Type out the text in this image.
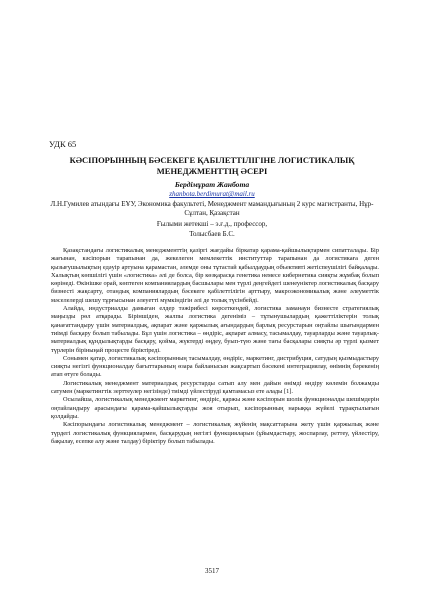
УДК 65
КӘСІПОРЫННЫҢ БӘСЕКЕГЕ ҚАБІЛЕТТІЛІГІНЕ ЛОГИСТИКАЛЫҚ
МЕНЕДЖМЕНТТІҢ ӘСЕРІ
Бердімұрат Жанбота
zhanbota.berdimurat@mail.ru
Л.Н.Гумилев атындағы ЕҰУ, Экономика факультеті, Менеджмент мамандығының 2 курс магистранты, Нұр-Сұлтан, Қазақстан
Ғылыми жетекші – э.ғ.д., профессор,
Толысбаев Б.С.

Қазақстандағы логистикалық менеджменттің қазіргі жағдайы біркатар қарама-қайшылықтармен сипатталады. Бір жағынан, кәсіпорын тарапынан да, жекелеген мемлекеттік институттар тарапынан да логистикаға деген қызығушылықтың едәуір артуына қарамастан, әлемде оны тұтастай қабылдаудың объективті жетіспеушілігі байқалады. Халықтың көпшілігі үшін «логистика» әлі де болса, бір көзқарасқа генетика немесе кибернетика сияқты жұмбақ болып көрінеді. Өкінішке орай, көптеген компаниялардың басшылары мен түрлі деңгейдегі шенеуніктер логистикалық басқару бизнесті жақсарту, отандық компаниялардың бәсекеге қабілеттілігін арттыру, макроэкономикалық және әлеуметтік мәселелерді шешу тұрғысынан әлеуетті мүмкіндігін әлі де толық түсінбейді.

Алайда, индустриалды дамыған елдер тәжірибесі көрсеткендей, логистика заманауи бизнесте стратегиялық маңызды рөл атқарады. Біріншіден, жалпы логистика дегеніміз – тұтынушылардың қажеттіліктерін толық қанағаттандыру үшін материалдық, ақпарат және қаржылық ағындардың барлық ресурстарын оңтайлы шығындармен тиімді басқару болып табылады. Бұл үшін логистика – өндіріс, ақпарат алмасу, тасымалдау, тауарларды және тауарлық-материалдық құндылықтарды басқару, қойма, жүктерді өңдеу, буып-түю және тағы басқалары сияқты әр түрлі қызмет түрлерін біріныңай процесте біріктіреді.

Сонымен қатар, логистикалық кәсіпорынның тасымалдау, өндіріс, маркетинг, дистрибуция, сатудың қызмыдастыру сияқты негізгі функционалдау бағыттарының өзара байланысын жақсартып бәсекені интеграциялау, өнімнің бәрекенің атап өтуге болады.

Логистикалық менеджмент материалдық ресурстарды сатып алу мен дайын өнімді өндіру көлемін болжамды сатумен (маркетингтік зерттеулер негізінде) тиімді үйлестіруді қамтамасыз ете алады [1].

Осылайша, логистикалық менеджмент маркетинг, өндіріс, қаржы және кәсіпорын шолік функционалды шешімдерін оңтайландыру арасындағы қарама-қайшылықтарды жоя отырып, кәсіпорынның нарыққа жүйелі тұрақтылығын қолдайды.

Кәсіпорындағы логистикалық менеджмент – логистикалық жүйенің мақсаттарына жету үшін қаржылық және түрдегі логистикалық функциялармен, басқарудың негізгі функцияларын (ұйымдастыру, жоспарлау, реттеу, үйлестіру, бақылау, есепке алу және талдау) біріктіру болып табылады.

3517
